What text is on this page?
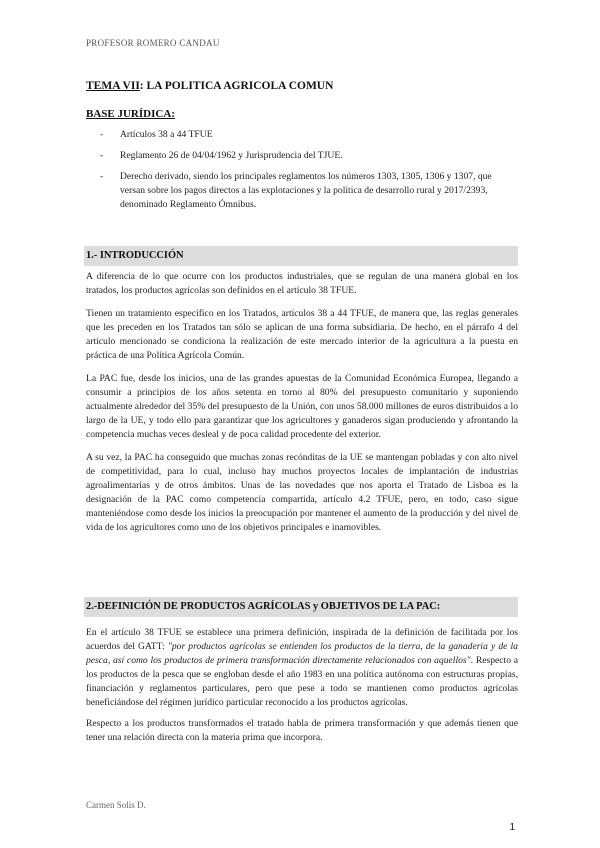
PROFESOR ROMERO CANDAU
TEMA VII: LA POLITICA AGRICOLA COMUN
BASE JURÍDICA:
- Artículos 38 a 44 TFUE
- Reglamento 26 de 04/04/1962 y Jurisprudencia del TJUE.
- Derecho derivado, siendo los principales reglamentos los números 1303, 1305, 1306 y 1307, que versan sobre los pagos directos a las explotaciones y la política de desarrollo rural y 2017/2393, denominado Reglamento Ómnibus.
1.- INTRODUCCIÓN

A diferencia de lo que ocurre con los productos industriales, que se regulan de una manera global en los tratados, los productos agrícolas son definidos en el artículo 38 TFUE.

Tienen un tratamiento específico en los Tratados, artículos 38 a 44 TFUE, de manera que, las reglas generales que les preceden en los Tratados tan sólo se aplican de una forma subsidiaria. De hecho, en el párrafo 4 del artículo mencionado se condiciona la realización de este mercado interior de la agricultura a la puesta en práctica de una Política Agrícola Común.

La PAC fue, desde los inicios, una de las grandes apuestas de la Comunidad Económica Europea, llegando a consumir a principios de los años setenta en torno al 80% del presupuesto comunitario y suponiendo actualmente alrededor del 35% del presupuesto de la Unión, con unos 58.000 millones de euros distribuidos a lo largo de la UE, y todo ello para garantizar que los agricultores y ganaderos sigan produciendo y afrontando la competencia muchas veces desleal y de poca calidad procedente del exterior.

A su vez, la PAC ha conseguido que muchas zonas recónditas de la UE se mantengan pobladas y con alto nivel de competitividad, para lo cual, incluso hay muchos proyectos locales de implantación de industrias agroalimentarias y de otros ámbitos. Unas de las novedades que nos aporta el Tratado de Lisboa es la designación de la PAC como competencia compartida, artículo 4.2 TFUE, pero, en todo, caso sigue manteniéndose como desde los inicios la preocupación por mantener el aumento de la producción y del nivel de vida de los agricultores como uno de los objetivos principales e inamovibles.

2.-DEFINICIÓN DE PRODUCTOS AGRÍCOLAS y OBJETIVOS DE LA PAC:

En el artículo 38 TFUE se establece una primera definición, inspirada de la definición de facilitada por los acuerdos del GATT: "por productos agrícolas se entienden los productos de la tierra, de la ganadería y de la pesca, así como los productos de primera transformación directamente relacionados con aquellos". Respecto a los productos de la pesca que se engloban desde el año 1983 en una política autónoma con estructuras propias, financiación y reglamentos particulares, pero que pese a todo se mantienen como productos agrícolas beneficiándose del régimen jurídico particular reconocido a los productos agrícolas.

Respecto a los productos transformados el tratado habla de primera transformación y que además tienen que tener una relación directa con la materia prima que incorpora.

Carmen Solís D.
1
